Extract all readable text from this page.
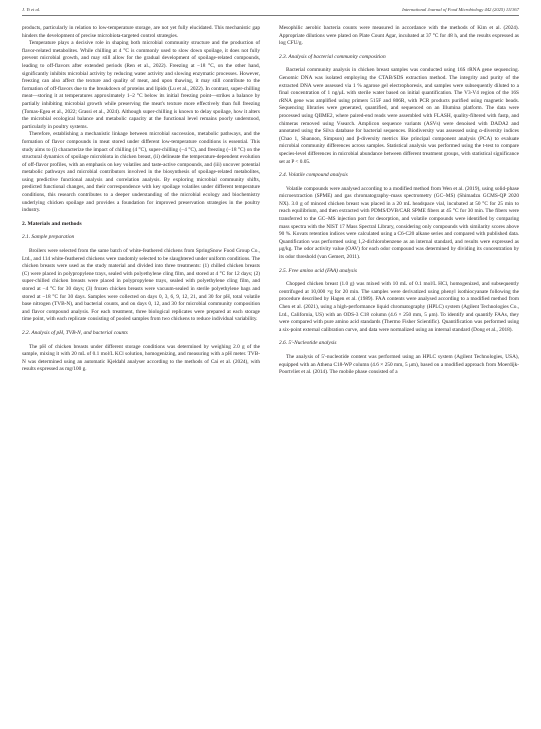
J. Yi et al.	International Journal of Food Microbiology 442 (2025) 111367

products, particularly in relation to low-temperature storage, are not yet fully elucidated. This mechanistic gap hinders the development of precise microbiota-targeted control strategies.

Temperature plays a decisive role in shaping both microbial community structure and the production of flavor-related metabolites. While chilling at 4 °C is commonly used to slow down spoilage, it does not fully prevent microbial growth, and may still allow for the gradual development of spoilage-related compounds, leading to off-flavors after extended periods (Ren et al., 2022). Freezing at −18 °C, on the other hand, significantly inhibits microbial activity by reducing water activity and slowing enzymatic processes. However, freezing can also affect the texture and quality of meat, and upon thawing, it may still contribute to the formation of off-flavors due to the breakdown of proteins and lipids (Lu et al., 2022). In contrast, super-chilling meat—storing it at temperatures approximately 1–2 °C below its initial freezing point—strikes a balance by partially inhibiting microbial growth while preserving the meat's texture more effectively than full freezing (Tomas-Egea et al., 2022; Grassi et al., 2024). Although super-chilling is known to delay spoilage, how it alters the microbial ecological balance and metabolic capacity at the functional level remains poorly understood, particularly in poultry systems.

Therefore, establishing a mechanistic linkage between microbial succession, metabolic pathways, and the formation of flavor compounds in meat stored under different low-temperature conditions is essential. This study aims to (i) characterize the impact of chilling (4 °C), super-chilling (−4 °C), and freezing (−18 °C) on the structural dynamics of spoilage microbiota in chicken breast, (ii) delineate the temperature-dependent evolution of off-flavor profiles, with an emphasis on key volatiles and taste-active compounds, and (iii) uncover potential metabolic pathways and microbial contributors involved in the biosynthesis of spoilage-related metabolites, using predictive functional analysis and correlation analysis. By exploring microbial community shifts, predicted functional changes, and their correspondence with key spoilage volatiles under different temperature conditions, this research contributes to a deeper understanding of the microbial ecology and biochemistry underlying chicken spoilage and provides a foundation for improved preservation strategies in the poultry industry.

2. Materials and methods
2.1. Sample preparation

Broilers were selected from the same batch of white-feathered chickens from SpringSnow Food Group Co., Ltd., and 114 white-feathered chickens were randomly selected to be slaughtered under uniform conditions. The chicken breasts were used as the study material and divided into three treatments: (1) chilled chicken breasts (C) were placed in polypropylene trays, sealed with polyethylene cling film, and stored at 4 °C for 12 days; (2) super-chilled chicken breasts were placed in polypropylene trays, sealed with polyethylene cling film, and stored at −4 °C for 30 days; (3) frozen chicken breasts were vacuum-sealed in sterile polyethylene bags and stored at −18 °C for 30 days. Samples were collected on days 0, 3, 6, 9, 12, 21, and 30 for pH, total volatile base nitrogen (TVB-N), and bacterial counts, and on days 0, 12, and 30 for microbial community composition and flavor compound analysis. For each treatment, three biological replicates were prepared at each storage time point, with each replicate consisting of pooled samples from two chickens to reduce individual variability.

2.2. Analysis of pH, TVB-N, and bacterial counts

The pH of chicken breasts under different storage conditions was determined by weighing 2.0 g of the sample, mixing it with 20 mL of 0.1 mol/L KCl solution, homogenizing, and measuring with a pH meter. TVB-N was determined using an automatic Kjeldahl analyser according to the methods of Cai et al. (2024), with results expressed as mg/100 g.

Mesophilic aerobic bacteria counts were measured in accordance with the methods of Kim et al. (2024). Appropriate dilutions were plated on Plate Count Agar, incubated at 37 °C for 48 h, and the results expressed as log CFU/g.

2.3. Analysis of bacterial community composition

Bacterial community analysis in chicken breast samples was conducted using 16S rRNA gene sequencing. Genomic DNA was isolated employing the CTAB/SDS extraction method. The integrity and purity of the extracted DNA were assessed via 1 % agarose gel electrophoresis, and samples were subsequently diluted to a final concentration of 1 ng/μL with sterile water based on initial quantification. The V3-V4 region of the 16S rRNA gene was amplified using primers 515F and 806R, with PCR products purified using magnetic beads. Sequencing libraries were generated, quantified, and sequenced on an Illumina platform. The data were processed using QIIME2, where paired-end reads were assembled with FLASH, quality-filtered with fastp, and chimeras removed using Vsearch. Amplicon sequence variants (ASVs) were denoised with DADA2 and annotated using the Silva database for bacterial sequences. Biodiversity was assessed using α-diversity indices (Chao 1, Shannon, Simpson) and β-diversity metrics like principal component analysis (PCA) to evaluate microbial community differences across samples. Statistical analysis was performed using the t-test to compare species-level differences in microbial abundance between different treatment groups, with statistical significance set at P < 0.05.

2.4. Volatile compound analysis

Volatile compounds were analysed according to a modified method from Wen et al. (2019), using solid-phase microextraction (SPME) and gas chromatography–mass spectrometry (GC–MS) (Shimadzu GCMS-QP 2020 NX). 3.0 g of minced chicken breast was placed in a 20 mL headspace vial, incubated at 50 °C for 25 min to reach equilibrium, and then extracted with PDMS/DVB/CAR SPME fibers at 45 °C for 30 min. The fibers were transferred to the GC–MS injection port for desorption, and volatile compounds were identified by comparing mass spectra with the NIST 17 Mass Spectral Library, considering only compounds with similarity scores above 90 %. Kovats retention indices were calculated using a C6-C20 alkane series and compared with published data. Quantification was performed using 1,2-dichlorobenzene as an internal standard, and results were expressed as μg/kg. The odor activity value (OAV) for each odor compound was determined by dividing its concentration by its odor threshold (van Gemert, 2011).

2.5. Free amino acid (FAA) analysis

Chopped chicken breast (1.0 g) was mixed with 10 mL of 0.1 mol/L HCl, homogenized, and subsequently centrifuged at 10,000 ×g for 20 min. The samples were derivatized using phenyl isothiocyanate following the procedure described by Hagen et al. (1989). FAA contents were analysed according to a modified method from Chen et al. (2021), using a high-performance liquid chromatography (HPLC) system (Agilent Technologies Co., Ltd., California, US) with an ODS-3 C18 column (4.6 × 250 mm, 5 μm). To identify and quantify FAAs, they were compared with pure amino acid standards (Thermo Fisher Scientific). Quantification was performed using a six-point external calibration curve, and data were normalized using an internal standard (Dong et al., 2018).

2.6. 5′-Nucleotide analysis

The analysis of 5′-nucleotide content was performed using an HPLC system (Agilent Technologies, USA), equipped with an Athena C18-WP column (4.6 × 250 mm, 5 μm), based on a modified approach from Moerdijk-Poortvliet et al. (2014). The mobile phase consisted of a
